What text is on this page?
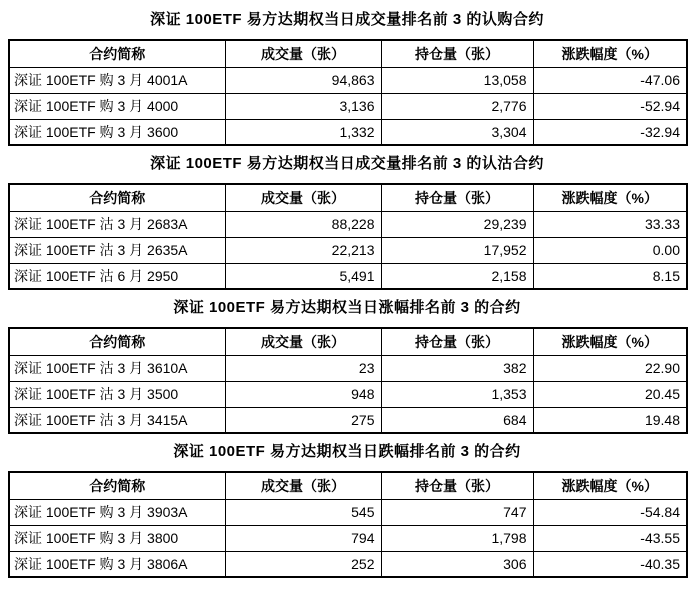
深证 100ETF 易方达期权当日成交量排名前 3 的认购合约
合约简称	成交量（张）	持仓量（张）	涨跌幅度（%）
深证 100ETF 购 3 月 4001A	94,863	13,058	-47.06
深证 100ETF 购 3 月 4000	3,136	2,776	-52.94
深证 100ETF 购 3 月 3600	1,332	3,304	-32.94
深证 100ETF 易方达期权当日成交量排名前 3 的认沽合约
合约简称	成交量（张）	持仓量（张）	涨跌幅度（%）
深证 100ETF 沽 3 月 2683A	88,228	29,239	33.33
深证 100ETF 沽 3 月 2635A	22,213	17,952	0.00
深证 100ETF 沽 6 月 2950	5,491	2,158	8.15
深证 100ETF 易方达期权当日涨幅排名前 3 的合约
合约简称	成交量（张）	持仓量（张）	涨跌幅度（%）
深证 100ETF 沽 3 月 3610A	23	382	22.90
深证 100ETF 沽 3 月 3500	948	1,353	20.45
深证 100ETF 沽 3 月 3415A	275	684	19.48
深证 100ETF 易方达期权当日跌幅排名前 3 的合约
合约简称	成交量（张）	持仓量（张）	涨跌幅度（%）
深证 100ETF 购 3 月 3903A	545	747	-54.84
深证 100ETF 购 3 月 3800	794	1,798	-43.55
深证 100ETF 购 3 月 3806A	252	306	-40.35
